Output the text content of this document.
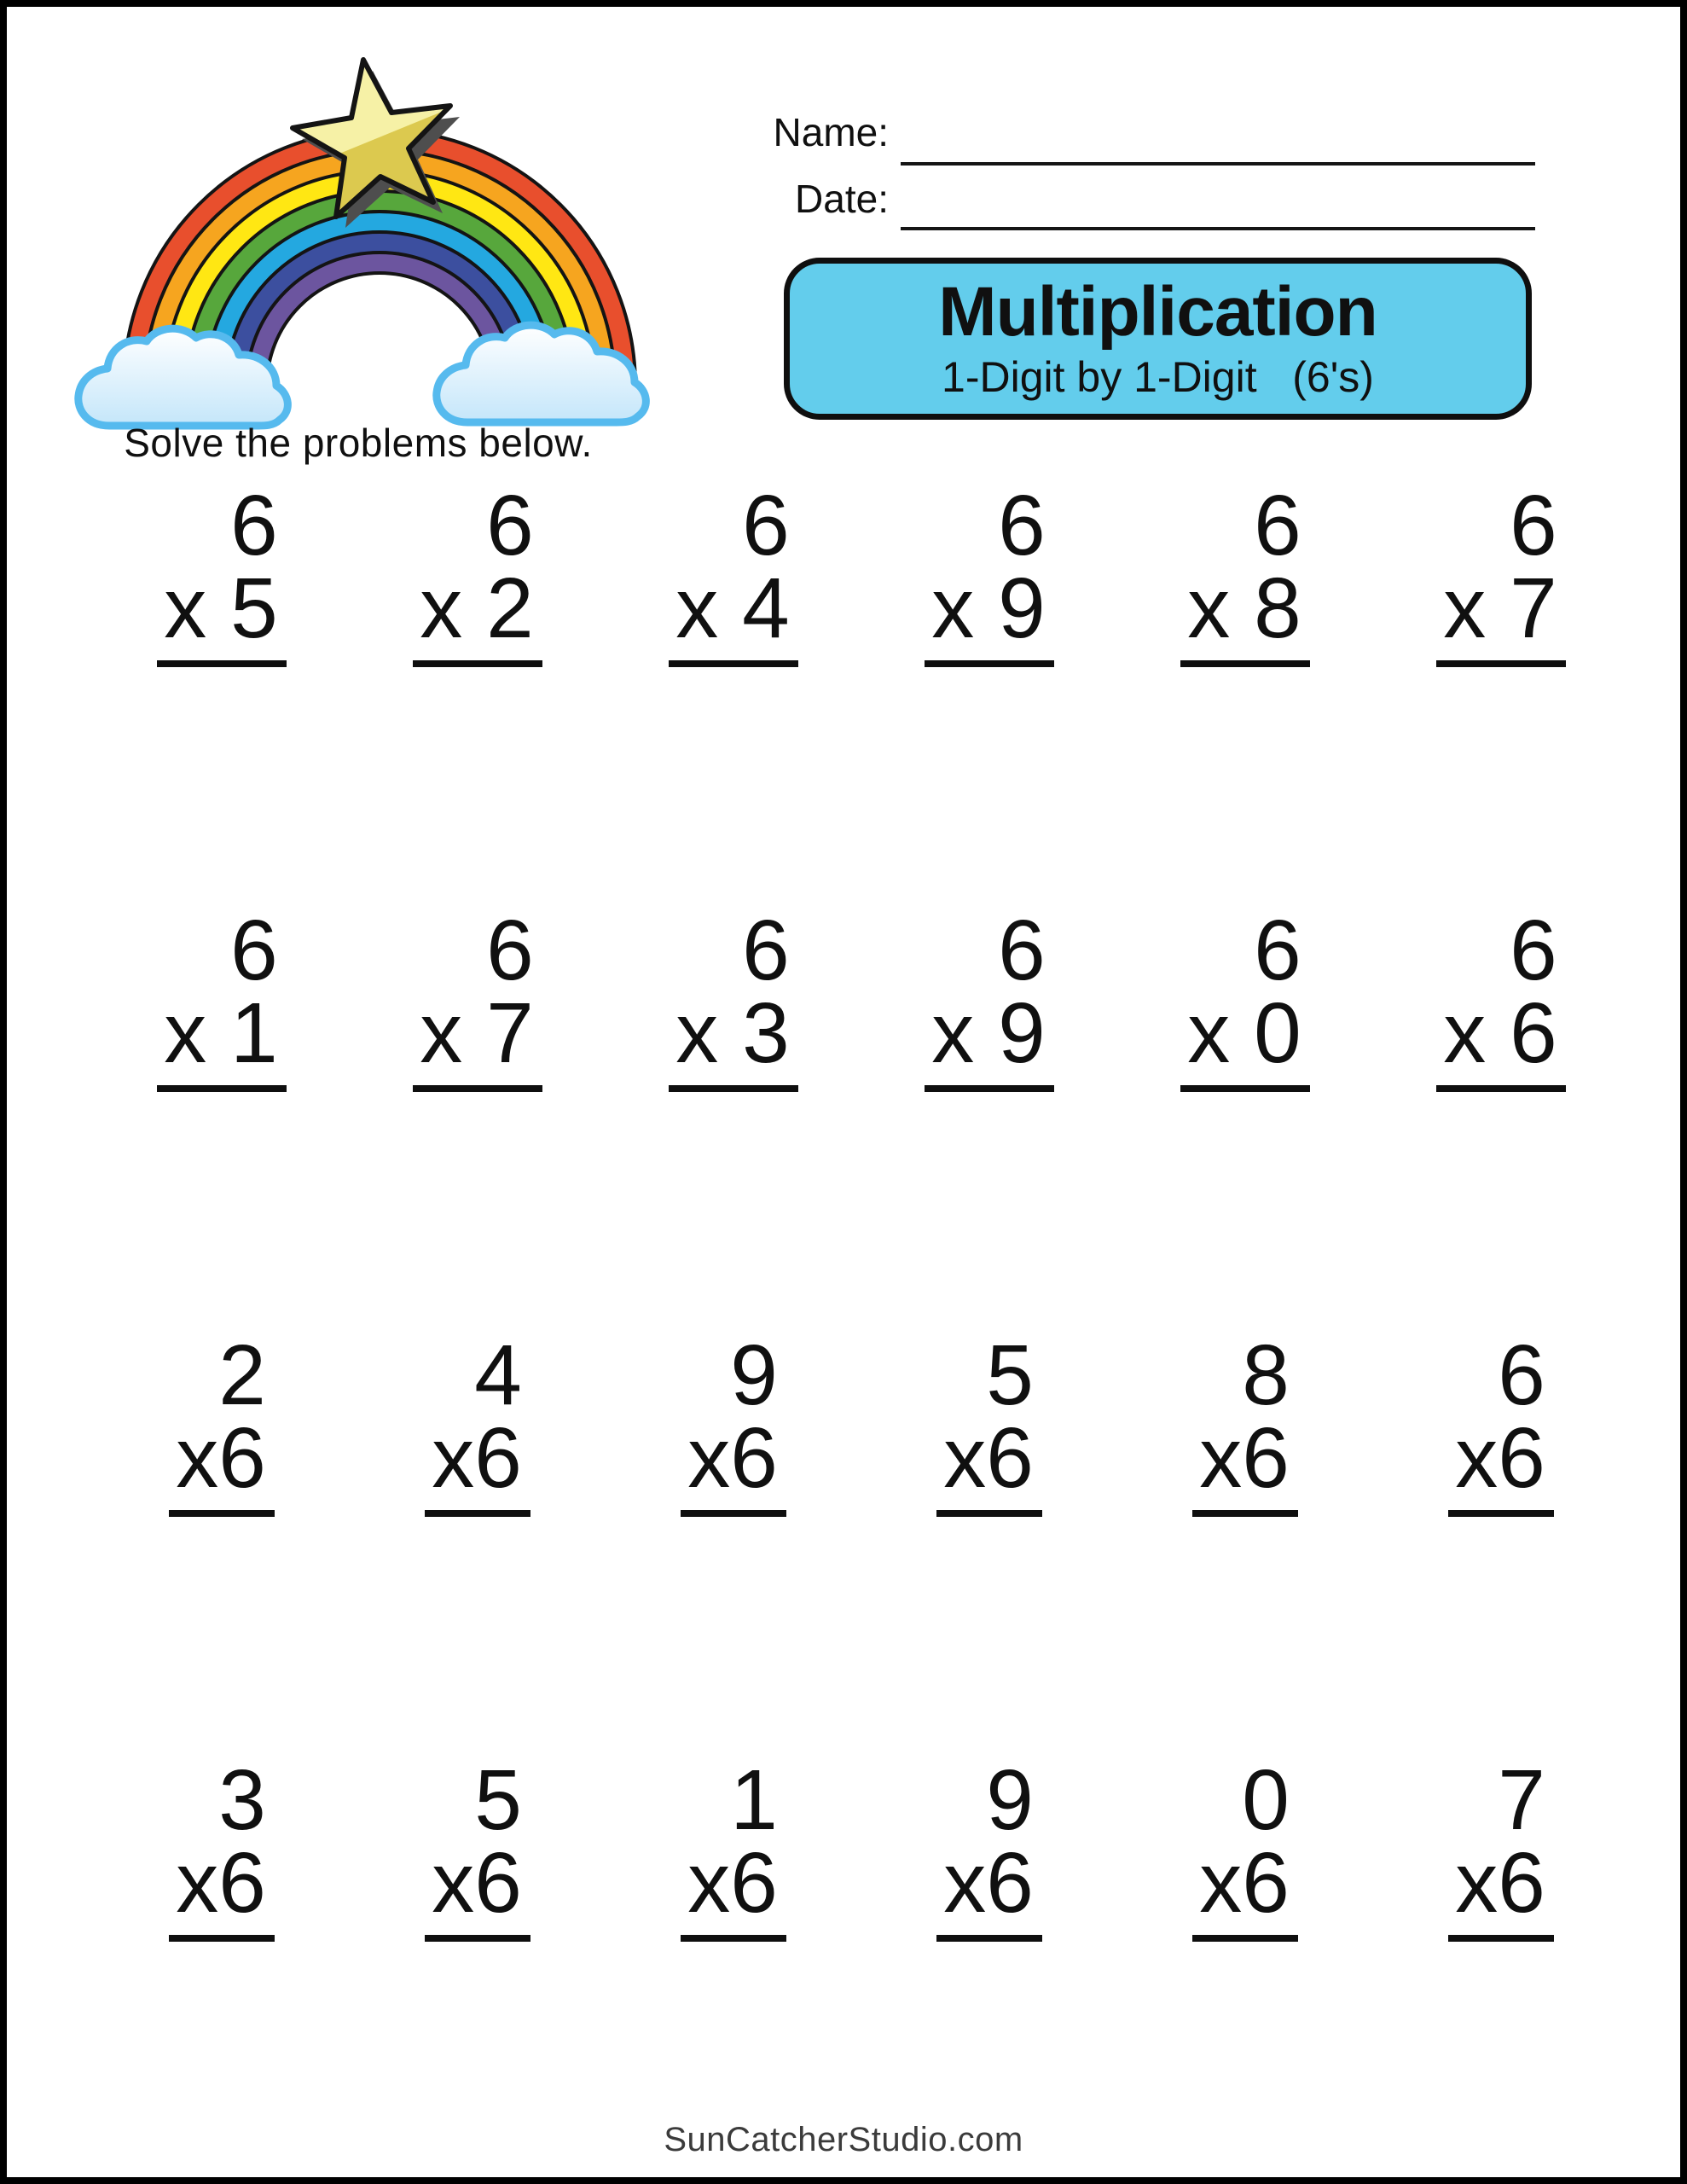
Solve the problems below.
Name:
Date:
Multiplication
1-Digit by 1-Digit   (6's)
6
x 5
6
x 2
6
x 4
6
x 9
6
x 8
6
x 7
6
x 1
6
x 7
6
x 3
6
x 9
6
x 0
6
x 6
2
x6
4
x6
9
x6
5
x6
8
x6
6
x6
3
x6
5
x6
1
x6
9
x6
0
x6
7
x6
SunCatcherStudio.com
